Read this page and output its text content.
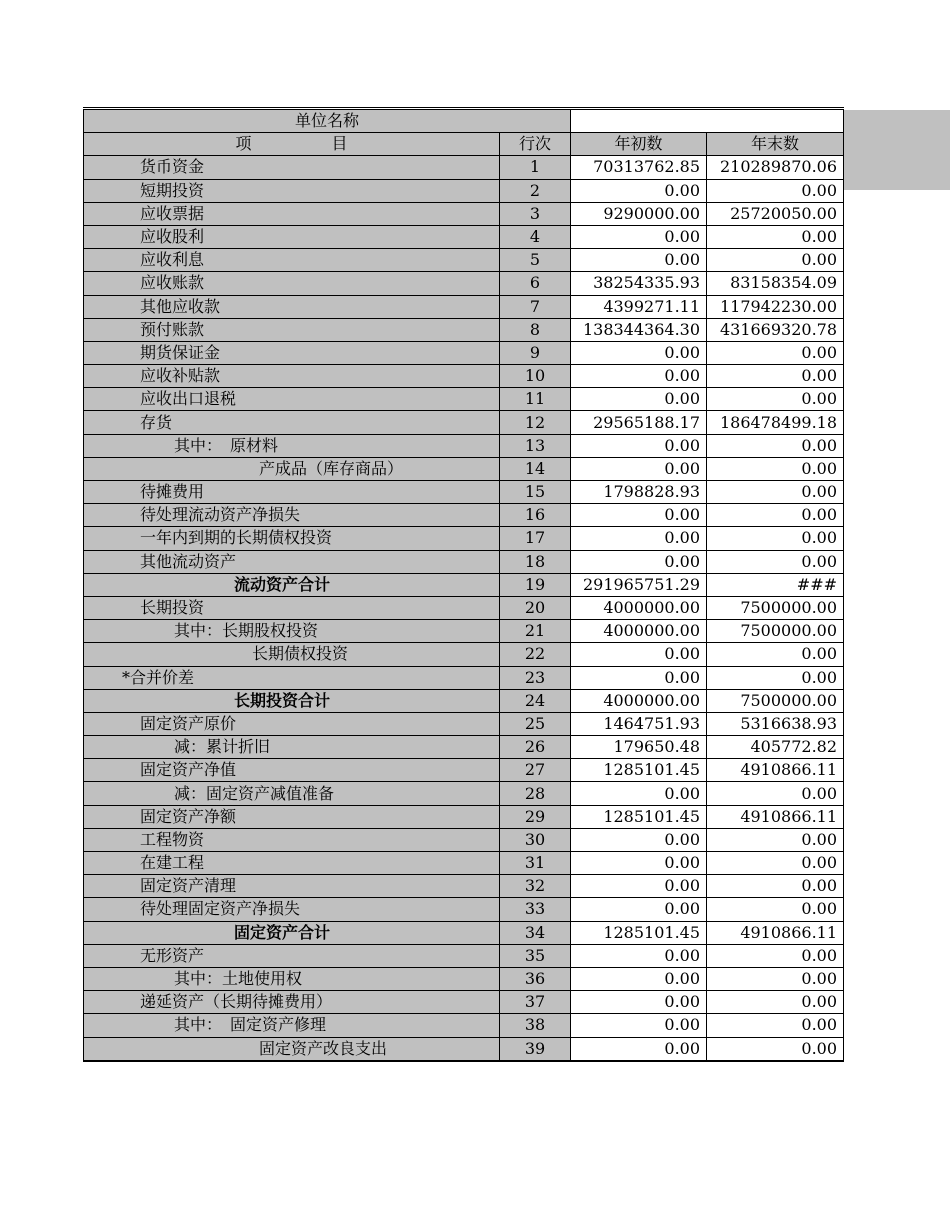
单位名称			
项　　　　　目	行次	年初数	年末数
货币资金	1	70313762.85	210289870.06
短期投资	2	0.00	0.00
应收票据	3	9290000.00	25720050.00
应收股利	4	0.00	0.00
应收利息	5	0.00	0.00
应收账款	6	38254335.93	83158354.09
其他应收款	7	4399271.11	117942230.00
预付账款	8	138344364.30	431669320.78
期货保证金	9	0.00	0.00
应收补贴款	10	0.00	0.00
应收出口退税	11	0.00	0.00
存货	12	29565188.17	186478499.18
其中：　原材料	13	0.00	0.00
产成品（库存商品）	14	0.00	0.00
待摊费用	15	1798828.93	0.00
待处理流动资产净损失	16	0.00	0.00
一年内到期的长期债权投资	17	0.00	0.00
其他流动资产	18	0.00	0.00
流动资产合计	19	291965751.29	###
长期投资	20	4000000.00	7500000.00
其中：长期股权投资	21	4000000.00	7500000.00
长期债权投资	22	0.00	0.00
*合并价差	23	0.00	0.00
长期投资合计	24	4000000.00	7500000.00
固定资产原价	25	1464751.93	5316638.93
减：累计折旧	26	179650.48	405772.82
固定资产净值	27	1285101.45	4910866.11
减：固定资产减值准备	28	0.00	0.00
固定资产净额	29	1285101.45	4910866.11
工程物资	30	0.00	0.00
在建工程	31	0.00	0.00
固定资产清理	32	0.00	0.00
待处理固定资产净损失	33	0.00	0.00
固定资产合计	34	1285101.45	4910866.11
无形资产	35	0.00	0.00
其中：土地使用权	36	0.00	0.00
递延资产（长期待摊费用）	37	0.00	0.00
其中：　固定资产修理	38	0.00	0.00
固定资产改良支出	39	0.00	0.00
